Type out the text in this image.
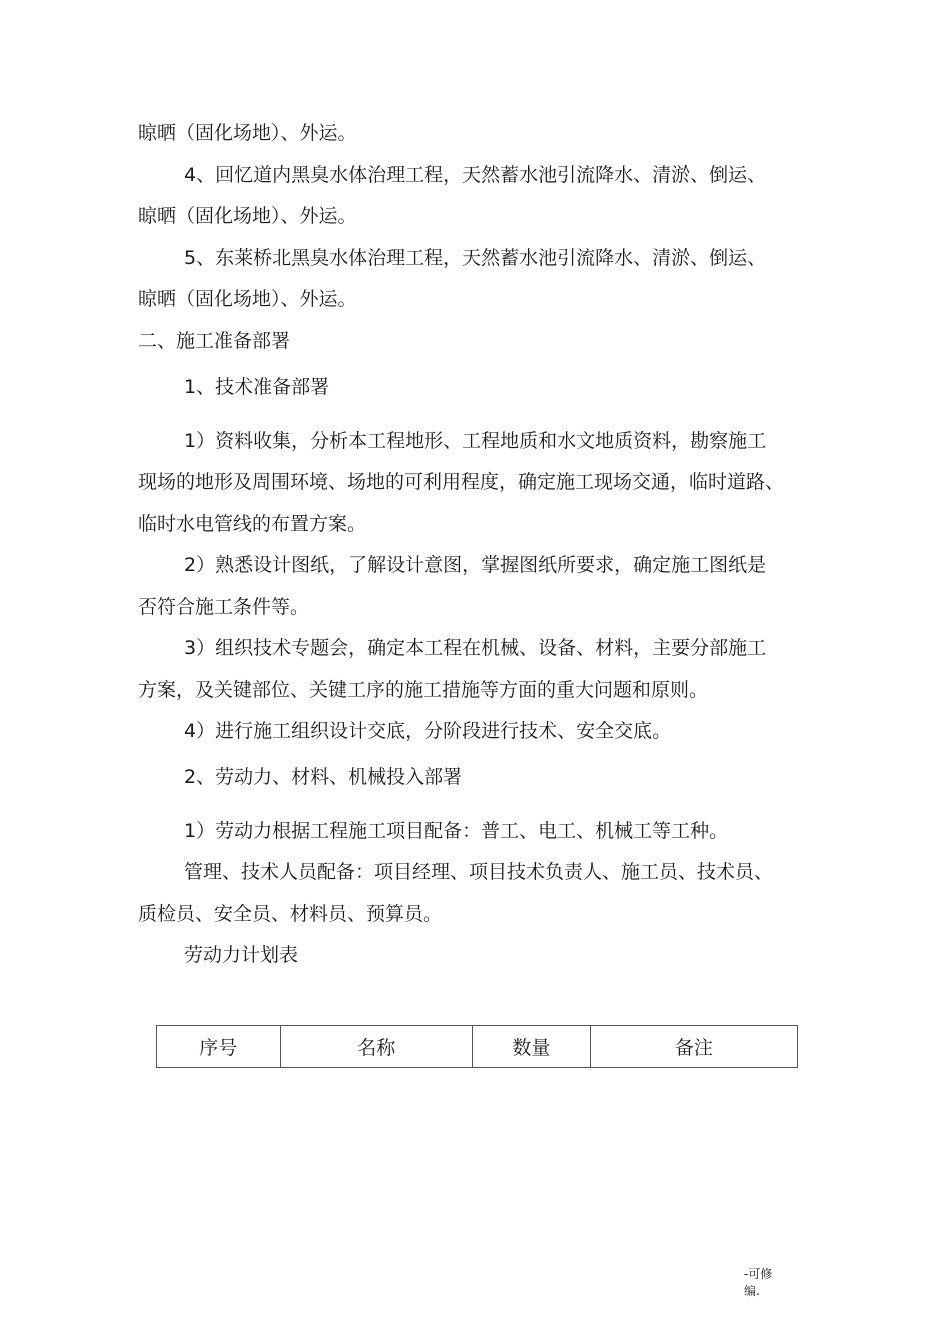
晾晒（固化场地）、外运。
4、回忆道内黑臭水体治理工程，天然蓄水池引流降水、清淤、倒运、
晾晒（固化场地）、外运。
5、东莱桥北黑臭水体治理工程，天然蓄水池引流降水、清淤、倒运、
晾晒（固化场地）、外运。
二、施工准备部署
1、技术准备部署
1）资料收集，分析本工程地形、工程地质和水文地质资料，勘察施工
现场的地形及周围环境、场地的可利用程度，确定施工现场交通，临时道路、
临时水电管线的布置方案。
2）熟悉设计图纸，了解设计意图，掌握图纸所要求，确定施工图纸是
否符合施工条件等。
3）组织技术专题会，确定本工程在机械、设备、材料，主要分部施工
方案，及关键部位、关键工序的施工措施等方面的重大问题和原则。
4）进行施工组织设计交底，分阶段进行技术、安全交底。
2、劳动力、材料、机械投入部署
1）劳动力根据工程施工项目配备：普工、电工、机械工等工种。
管理、技术人员配备：项目经理、项目技术负责人、施工员、技术员、
质检员、安全员、材料员、预算员。
劳动力计划表
序号	名称	数量	备注
-可修
编.
